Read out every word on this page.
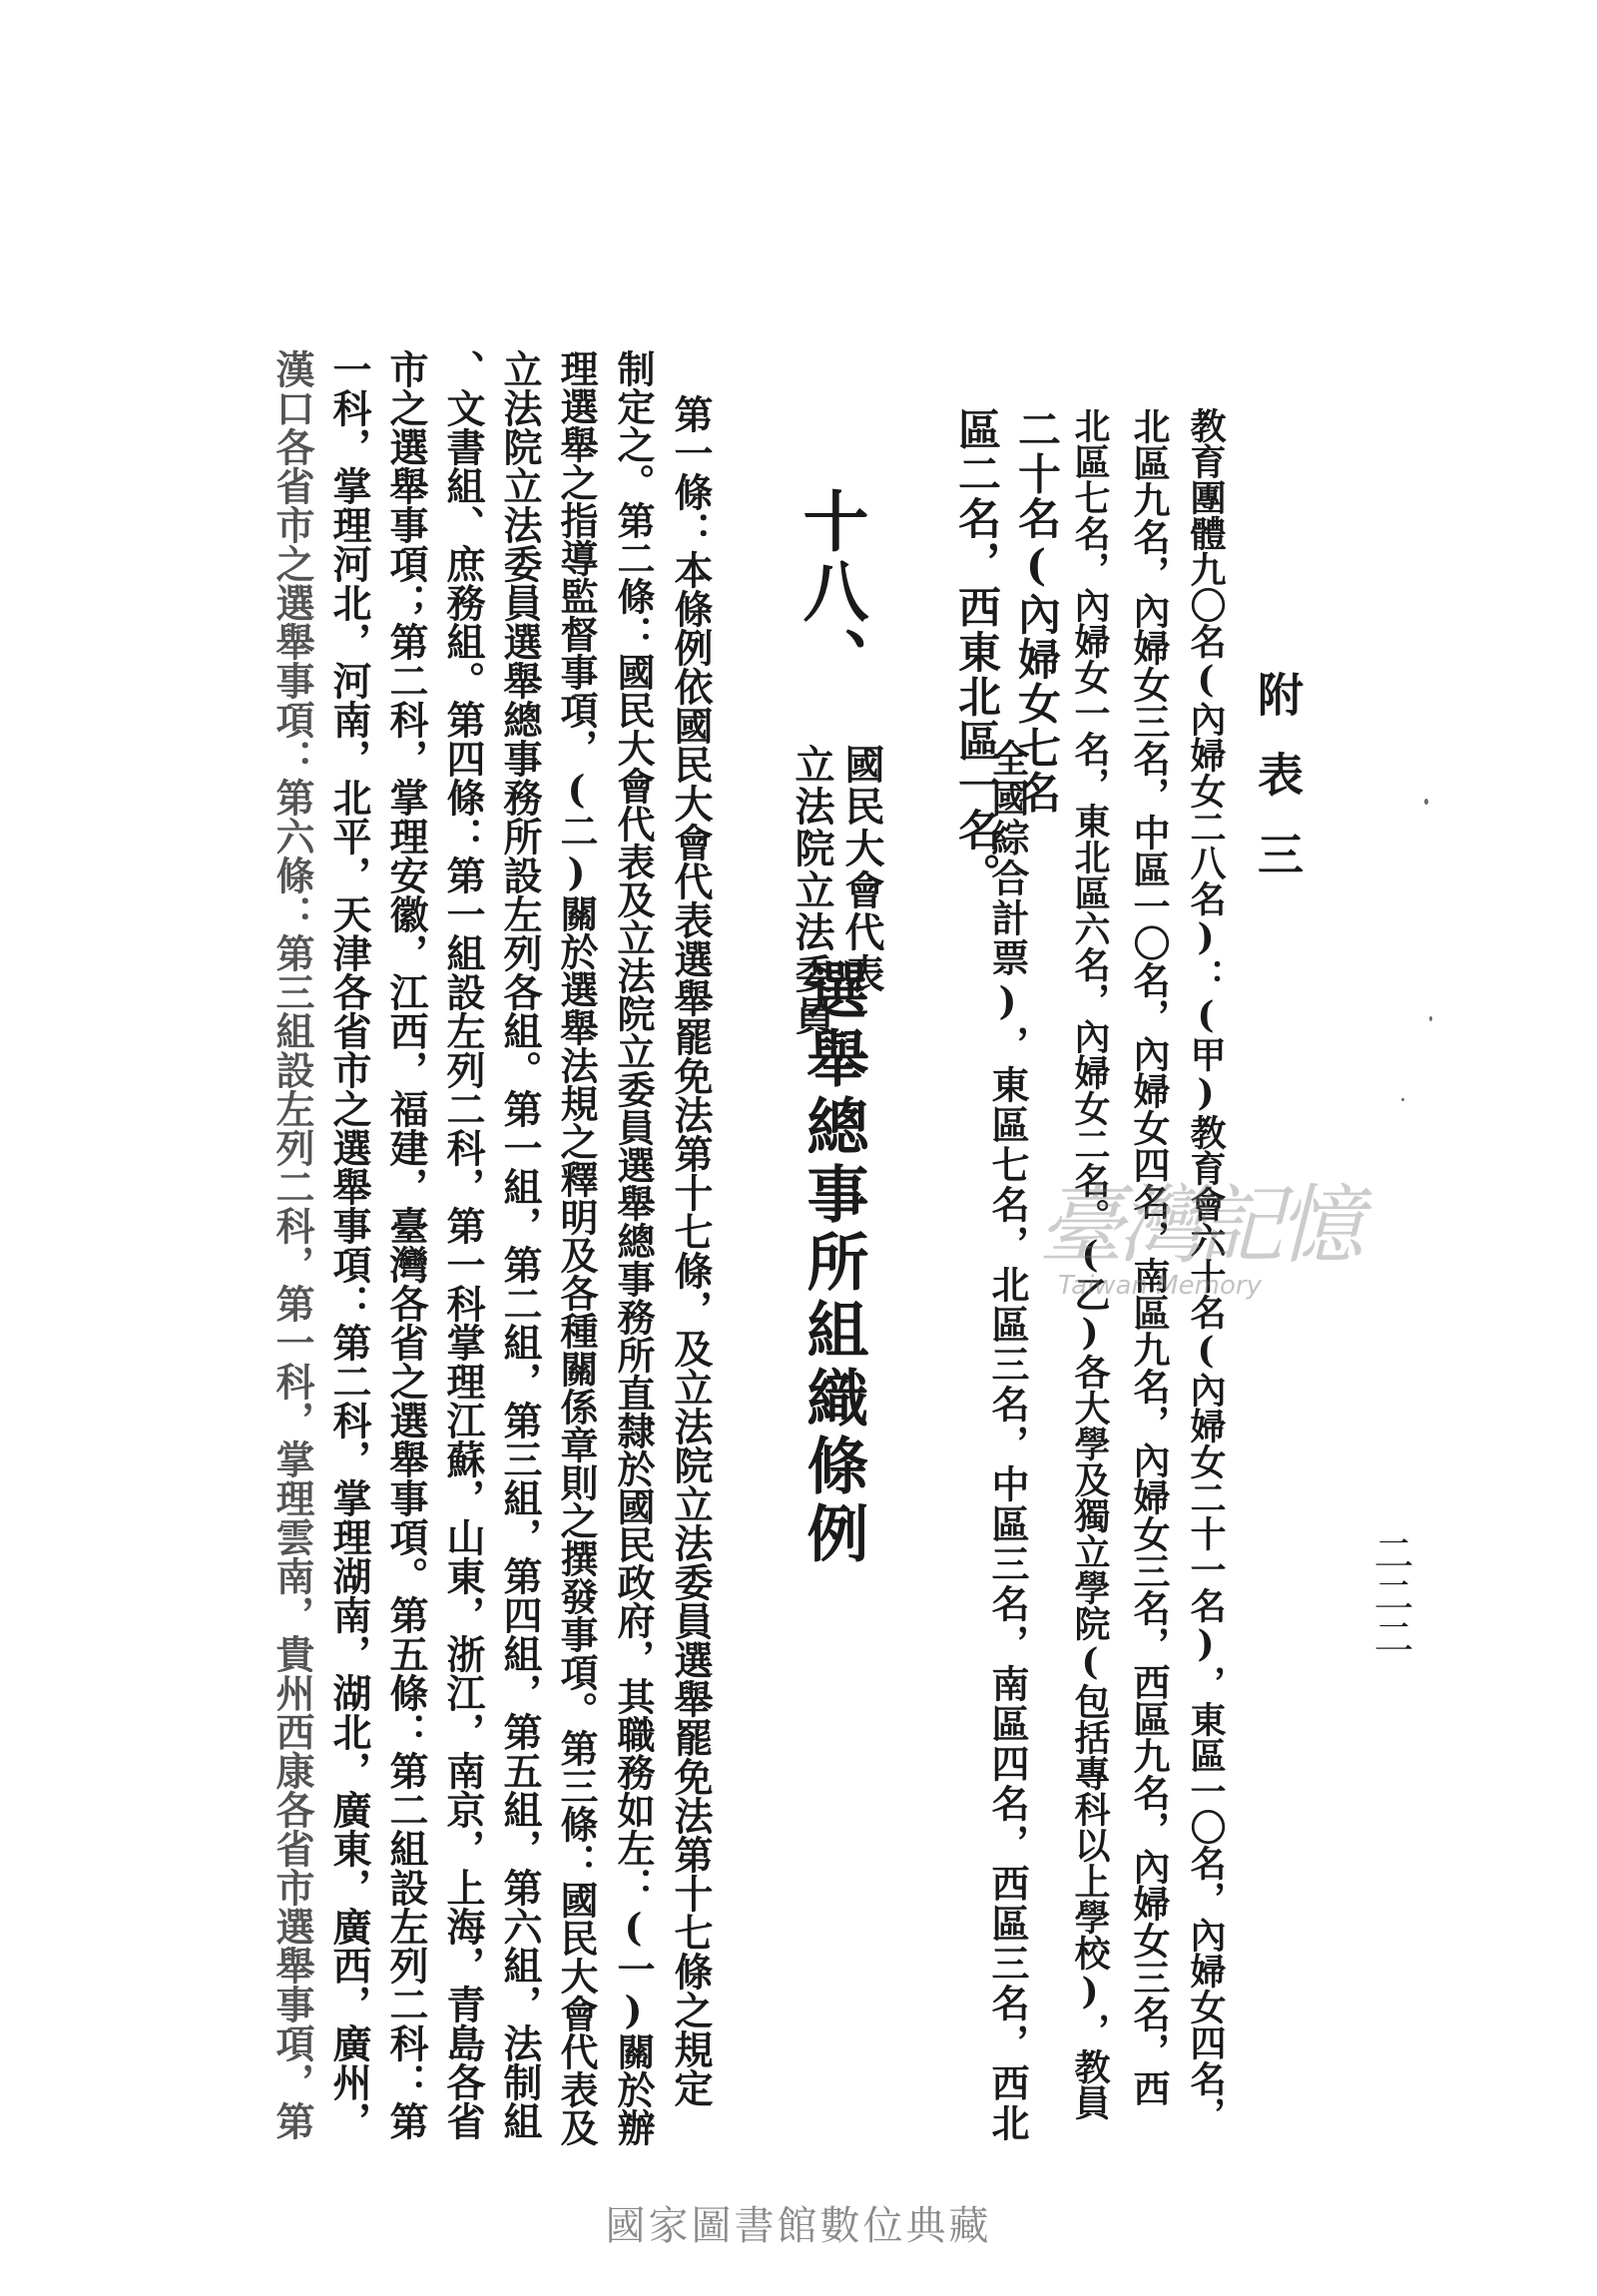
附表三
二二二
教育團體九〇名(內婦女二八名)：(甲)教育會六十名(內婦女二十一名)，東區一〇名，內婦女四名，
北區九名，內婦女三名，中區一〇名，內婦女四名，南區九名，內婦女三名，西區九名，內婦女三名，西
北區七名，內婦女一名，東北區六名，內婦女二名。(乙)各大學及獨立學院(包括專科以上學校)，教員
二十名(內婦女七名
全國綜合計票)，東區七名，北區三名，中區三名，南區四名，西區三名，西北
區二名，西東北區一名。
十八、
國民大會代表
立法院立法委員
選舉總事所組織條例
第一條：本條例依國民大會代表選舉罷免法第十七條，及立法院立法委員選舉罷免法第十七條之規定
制定之。第二條：國民大會代表及立法院立委員選舉總事務所直隸於國民政府，其職務如左：(一)關於辦
理選舉之指導監督事項，(二)關於選舉法規之釋明及各種關係章則之撰發事項。第三條：國民大會代表及
立法院立法委員選舉總事務所設左列各組。第一組，第二組，第三組，第四組，第五組，第六組，法制組
、文書組、庶務組。第四條：第一組設左列二科，第一科掌理江蘇，山東，浙江，南京，上海，青島各省
市之選舉事項；第二科，掌理安徽，江西，福建，臺灣各省之選舉事項。第五條：第二組設左列二科：第
一科，掌理河北，河南，北平，天津各省市之選舉事項：第二科，掌理湖南，湖北，廣東，廣西，廣州，
漢口各省市之選舉事項：第六條：第三組設左列二科，第一科，掌理雲南，貴州西康各省市選舉事項，第	臺灣記憶
Taiwan Memory
國家圖書館數位典藏
